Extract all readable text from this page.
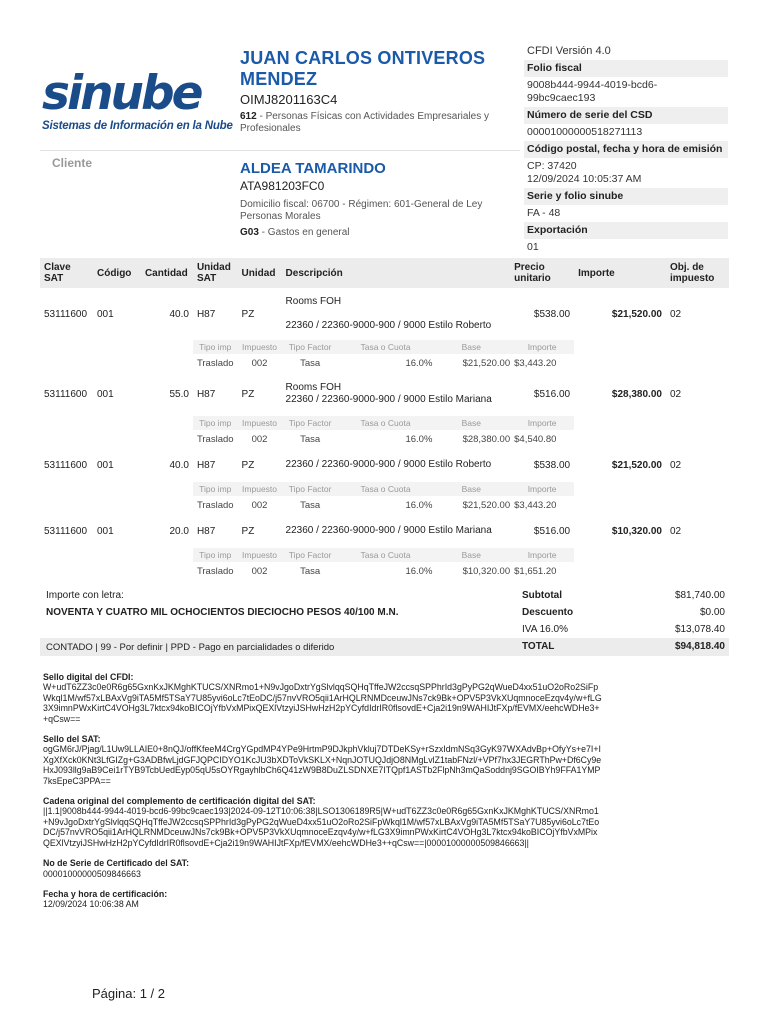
sinube
Sistemas de Información en la Nube
JUAN CARLOS ONTIVEROS MENDEZ
OIMJ8201163C4
612 - Personas Físicas con Actividades Empresariales y Profesionales
Cliente	ALDEA TAMARINDO
ATA981203FC0
Domicilio fiscal: 06700 - Régimen: 601-General de Ley Personas Morales
G03 - Gastos en general
CFDI Versión 4.0
Folio fiscal
9008b444-9944-4019-bcd6-99bc9caec193
Número de serie del CSD
00001000000518271113
Código postal, fecha y hora de emisión
CP: 37420
12/09/2024 10:05:37 AM
Serie y folio sinube
FA - 48
Exportación
01
Clave SAT	Código	Cantidad	Unidad SAT	Unidad	Descripción	Precio unitario	Importe	Obj. de impuesto
53111600	001	40.0	H87	PZ	Rooms FOH
22360 / 22360-9000-900 / 9000 Estilo Roberto	$538.00	$21,520.00	02
			Tipo imp	Impuesto	Tipo Factor Tasa o Cuota Base	Importe		
			Traslado	002	Tasa 16.0% $21,520.00	$3,443.20		
53111600	001	55.0	H87	PZ	Rooms FOH
22360 / 22360-9000-900 / 9000 Estilo Mariana	$516.00	$28,380.00	02
			Tipo imp	Impuesto	Tipo Factor Tasa o Cuota Base	Importe		
			Traslado	002	Tasa 16.0% $28,380.00	$4,540.80		
53111600	001	40.0	H87	PZ	22360 / 22360-9000-900 / 9000 Estilo Roberto	$538.00	$21,520.00	02
			Tipo imp	Impuesto	Tipo Factor Tasa o Cuota Base	Importe		
			Traslado	002	Tasa 16.0% $21,520.00	$3,443.20		
53111600	001	20.0	H87	PZ	22360 / 22360-9000-900 / 9000 Estilo Mariana	$516.00	$10,320.00	02
			Tipo imp	Impuesto	Tipo Factor Tasa o Cuota Base	Importe		
			Traslado	002	Tasa 16.0% $10,320.00	$1,651.20		
Importe con letra:	Subtotal	$81,740.00
NOVENTA Y CUATRO MIL OCHOCIENTOS DIECIOCHO PESOS 40/100 M.N.	Descuento	$0.00
IVA 16.0%	$13,078.40
CONTADO | 99 - Por definir | PPD - Pago en parcialidades o diferido	TOTAL	$94,818.40
Sello digital del CFDI:
W+udT6ZZ3c0e0R6g65GxnKxJKMghKTUCS/XNRmo1+N9vJgoDxtrYgSlvlqqSQHqTffeJW2ccsqSPPhrId3gPyPG2qWueD4xx51uO2oRo2SiFpWkql1M/wf57xLBAxVg9iTA5Mf5TSaY7U85yvi6oLc7tEoDC/j57nvVRO5qii1ArHQLRNMDceuwJNs7ck9Bk+OPV5P3VkXUqmnoceEzqv4y/w+fLG3X9imnPWxKirtC4VOHg3L7ktcx94koBICOjYfbVxMPixQEXlVtzyiJSHwHzH2pYCyfdIdrIR0flsovdE+Cja2i19n9WAHIJtFXp/fEVMX/eehcWDHe3++qCsw==
Sello del SAT:
ogGM6rJ/Pjag/L1Uw9LLAIE0+8nQJ/offKfeeM4CrgYGpdMP4YPe9HrtmP9DJkphVkluj7DTDeKSy+rSzxIdmNSq3GyK97WXAdvBp+OfyYs+e7I+IXgXfXck0KNt3LfGIZg+G3ADBfwLjdGFJQPCIDYO1KcJU3bXDToVkSKLX+NqnJOTUQJdjO8NMgLvlZ1tabFNzl/+VPf7hx3JEGRThPw+Df6Cy9eHxJ093llg9aB9Cei1rTYB9TcbUedEyp05qU5sOYRgayhlbCh6Q41zW9B8DuZLSDNXE7ITQpf1ASTb2FlpNh3mQaSoddnj9SGOIBYh9FFA1YMP7ksEpeC3PPA==
Cadena original del complemento de certificación digital del SAT:
||1.1|9008b444-9944-4019-bcd6-99bc9caec193|2024-09-12T10:06:38|LSO1306189R5|W+udT6ZZ3c0e0R6g65GxnKxJKMghKTUCS/XNRmo1+N9vJgoDxtrYgSlvlqqSQHqTffeJW2ccsqSPPhrId3gPyPG2qWueD4xx51uO2oRo2SiFpWkql1M/wf57xLBAxVg9iTA5Mf5TSaY7U85yvi6oLc7tEoDC/j57nvVRO5qii1ArHQLRNMDceuwJNs7ck9Bk+OPV5P3VkXUqmnoceEzqv4y/w+fLG3X9imnPWxKirtC4VOHg3L7ktcx94koBICOjYfbVxMPixQEXlVtzyiJSHwHzH2pYCyfdIdrIR0flsovdE+Cja2i19n9WAHIJtFXp/fEVMX/eehcWDHe3++qCsw==|00001000000509846663||
No de Serie de Certificado del SAT:
00001000000509846663
Fecha y hora de certificación:
12/09/2024 10:06:38 AM
Página: 1 / 2
